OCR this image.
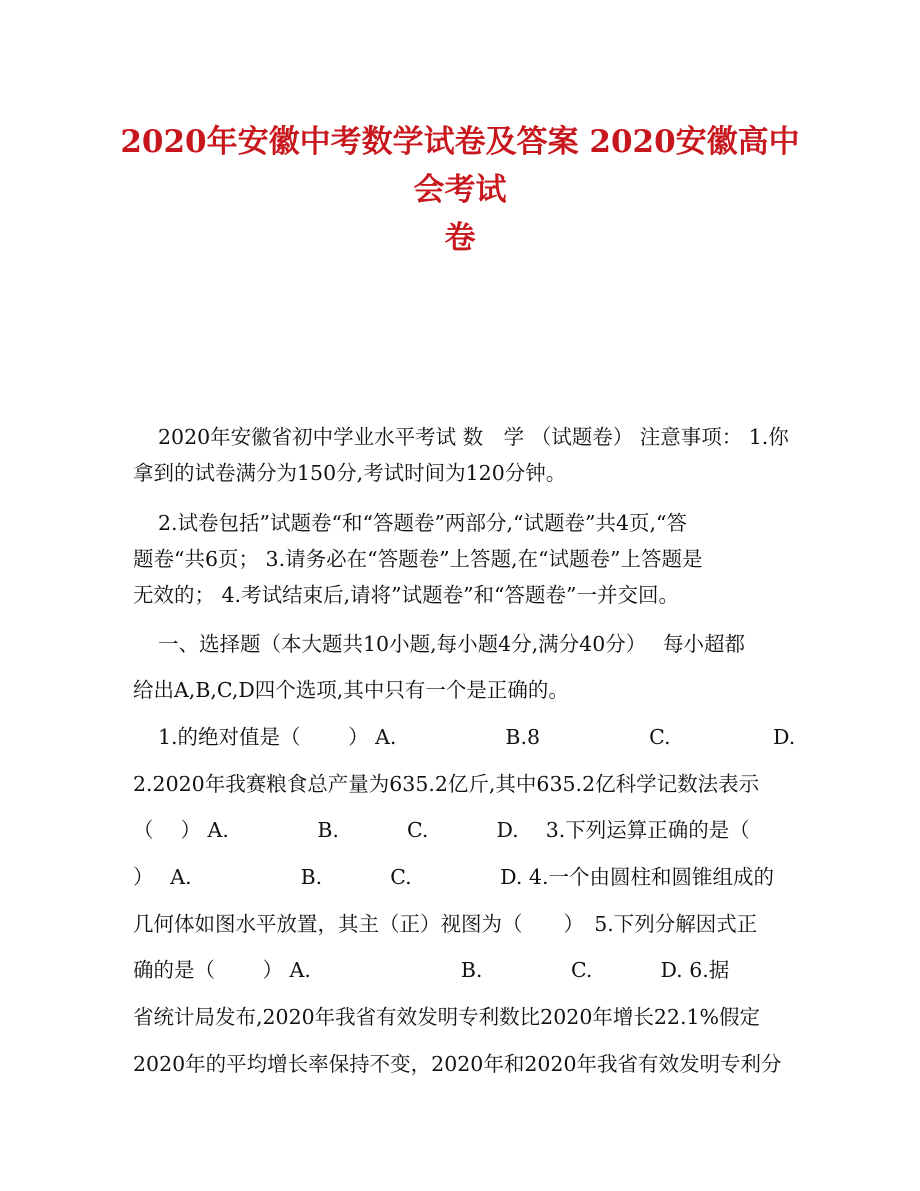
2020年安徽中考数学试卷及答案 2020安徽高中会考试
卷
2020年安徽省初中学业水平考试 数　学 （试题卷） 注意事项： 1.你
拿到的试卷满分为150分,考试时间为120分钟。
2.试卷包括”试题卷“和“答题卷”两部分,“试题卷”共4页,“答
题卷“共6页； 3.请务必在“答题卷”上答题,在“试题卷”上答题是
无效的； 4.考试结束后,请将”试题卷”和“答题卷”一并交回。
一、选择题（本大题共10小题,每小题4分,满分40分）　 每小超都
给出A,B,C,D四个选项,其中只有一个是正确的。
1.的绝对值是（　　 ） A.　　　　　 B.8　　　　　 C.　　　　　D.
2.2020年我赛粮食总产量为635.2亿斤,其中635.2亿科学记数法表示
（　 ） A.　　　　 B.　　　 C.　　　 D.　 3.下列运算正确的是（
）　 A.　　　　　 B.　　　 C.　　　　 D. 4.一个由圆柱和圆锥组成的
几何体如图水平放置，其主（正）视图为（　　）　5.下列分解因式正
确的是（　　 ） A.　　　　　　　 B.　　　　 C.　　　 D. 6.据
省统计局发布,2020年我省有效发明专利数比2020年增长22.1%假定
2020年的平均增长率保持不变，2020年和2020年我省有效发明专利分
